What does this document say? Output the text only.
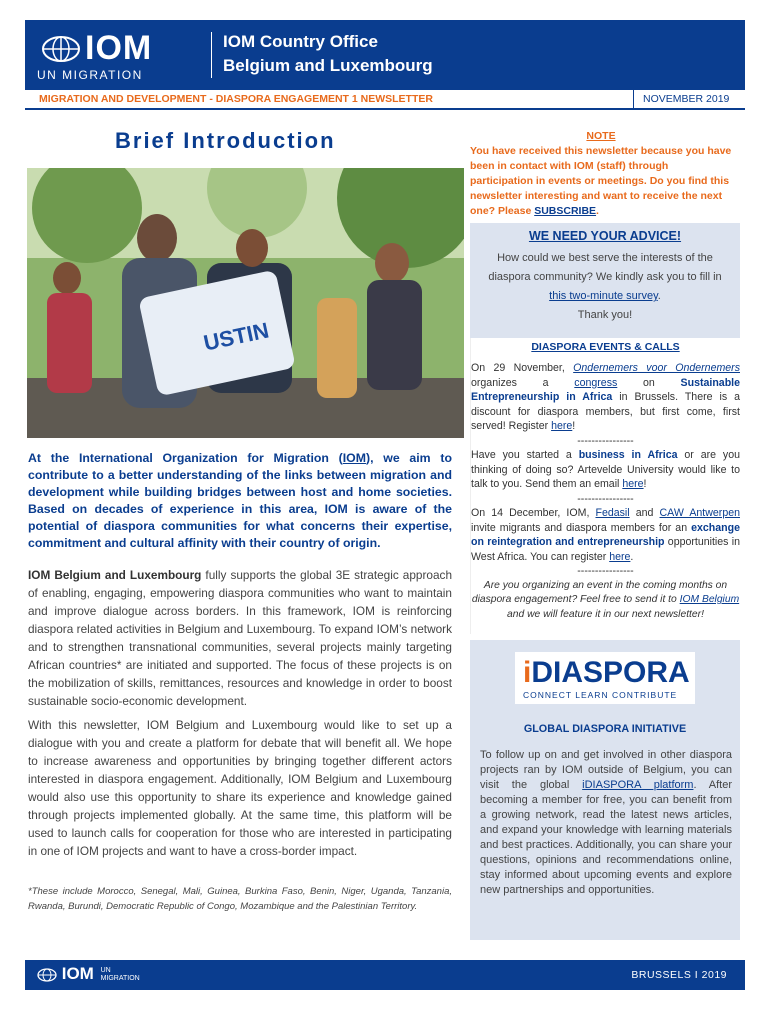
IOM
UN MIGRATION
IOM Country Office
Belgium and Luxembourg
MIGRATION AND DEVELOPMENT - DIASPORA ENGAGEMENT 1 NEWSLETTER	NOVEMBER 2019
Brief Introduction
USTIN
At the International Organization for Migration (IOM), we aim to contribute to a better understanding of the links between migration and development while building bridges between host and home societies. Based on decades of experience in this area, IOM is aware of the potential of diaspora communities for what concerns their expertise, commitment and cultural affinity with their country of origin.
IOM Belgium and Luxembourg fully supports the global 3E strategic approach of enabling, engaging, empowering diaspora communities who want to maintain and improve dialogue across borders. In this framework, IOM is reinforcing diaspora related activities in Belgium and Luxembourg. To expand IOM’s network and to strengthen transnational communities, several projects mainly targeting African countries* are initiated and supported. The focus of these projects is on the mobilization of skills, remittances, resources and knowledge in order to boost sustainable socio-economic development.
With this newsletter, IOM Belgium and Luxembourg would like to set up a dialogue with you and create a platform for debate that will benefit all. We hope to increase awareness and opportunities by bringing together different actors interested in diaspora engagement. Additionally, IOM Belgium and Luxembourg would also use this opportunity to share its experience and knowledge gained through projects implemented globally. At the same time, this platform will be used to launch calls for cooperation for those who are interested in participating in one of IOM projects and want to have a cross-border impact.
*These include Morocco, Senegal, Mali, Guinea, Burkina Faso, Benin, Niger, Uganda, Tanzania, Rwanda, Burundi, Democratic Republic of Congo, Mozambique and the Palestinian Territory.
NOTE
You have received this newsletter because you have been in contact with IOM (staff) through participation in events or meetings. Do you find this newsletter interesting and want to receive the next one? Please SUBSCRIBE.
WE NEED YOUR ADVICE!
How could we best serve the interests of the diaspora community? We kindly ask you to fill in this two-minute survey.
Thank you!
DIASPORA EVENTS & CALLS
On 29 November, Ondernemers voor Ondernemers organizes a congress on Sustainable Entrepreneurship in Africa in Brussels. There is a discount for diaspora members, but first come, first served! Register here!
----------------
Have you started a business in Africa or are you thinking of doing so? Artevelde University would like to talk to you. Send them an email here!
----------------
On 14 December, IOM, Fedasil and CAW Antwerpen invite migrants and diaspora members for an exchange on reintegration and entrepreneurship opportunities in West Africa. You can register here.
----------------
Are you organizing an event in the coming months on diaspora engagement? Feel free to send it to IOM Belgium and we will feature it in our next newsletter!
iDIASPORA
CONNECT LEARN CONTRIBUTE
GLOBAL DIASPORA INITIATIVE
To follow up on and get involved in other diaspora projects ran by IOM outside of Belgium, you can visit the global iDIASPORA platform. After becoming a member for free, you can benefit from a growing network, read the latest news articles, and expand your knowledge with learning materials and best practices. Additionally, you can share your questions, opinions and recommendations online, stay informed about upcoming events and explore new partnerships and opportunities.
IOM UN
MIGRATION	BRUSSELS I 2019
